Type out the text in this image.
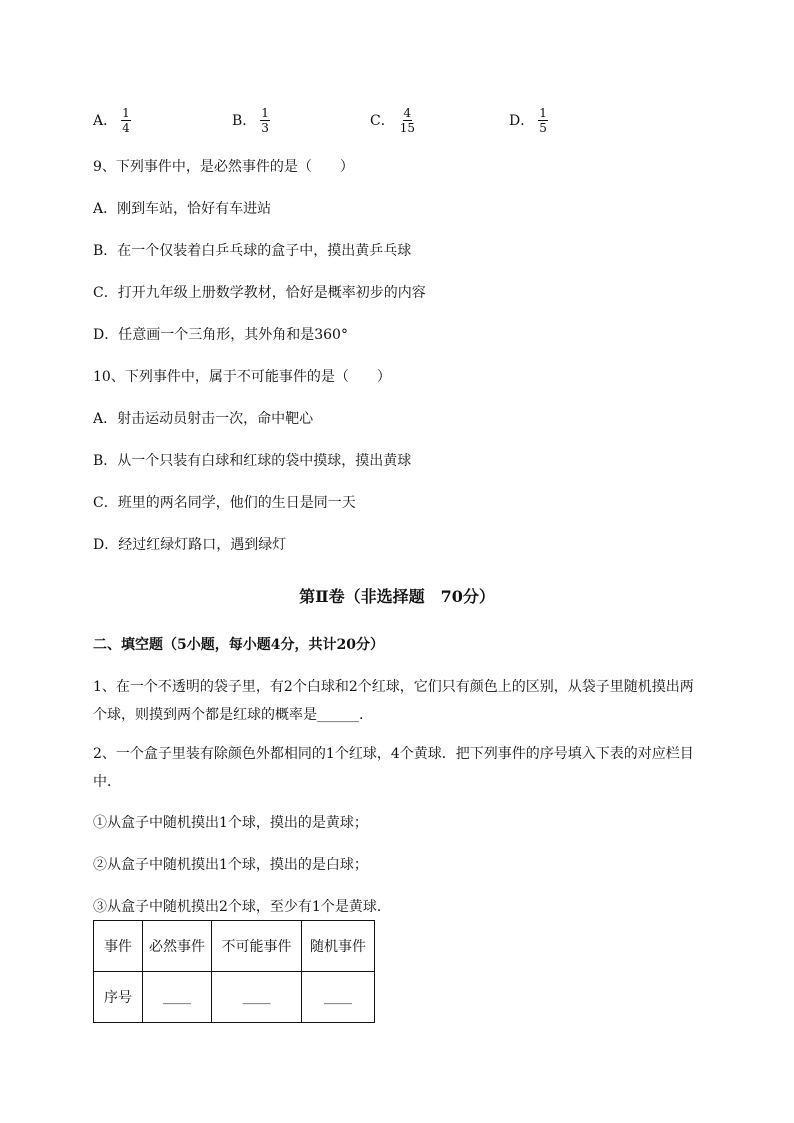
A． $\frac{1}{4}$	B． $\frac{1}{3}$	C． $\frac{4}{15}$	D． $\frac{1}{5}$
9、下列事件中，是必然事件的是（　　）
A．刚到车站，恰好有车进站
B．在一个仅装着白乒乓球的盒子中，摸出黄乒乓球
C．打开九年级上册数学教材，恰好是概率初步的内容
D．任意画一个三角形，其外角和是360°
10、下列事件中，属于不可能事件的是（　　）
A．射击运动员射击一次，命中靶心
B．从一个只装有白球和红球的袋中摸球，摸出黄球
C．班里的两名同学，他们的生日是同一天
D．经过红绿灯路口，遇到绿灯
第Ⅱ卷（非选择题　70分）
二、填空题（5小题，每小题4分，共计20分）
1、在一个不透明的袋子里，有2个白球和2个红球，它们只有颜色上的区别，从袋子里随机摸出两
个球，则摸到两个都是红球的概率是______.
2、一个盒子里装有除颜色外都相同的1个红球，4个黄球．把下列事件的序号填入下表的对应栏目
中．
①从盒子中随机摸出1个球，摸出的是黄球；
②从盒子中随机摸出1个球，摸出的是白球；
③从盒子中随机摸出2个球，至少有1个是黄球．
事件	必然事件	不可能事件	随机事件
序号	____	____	____
